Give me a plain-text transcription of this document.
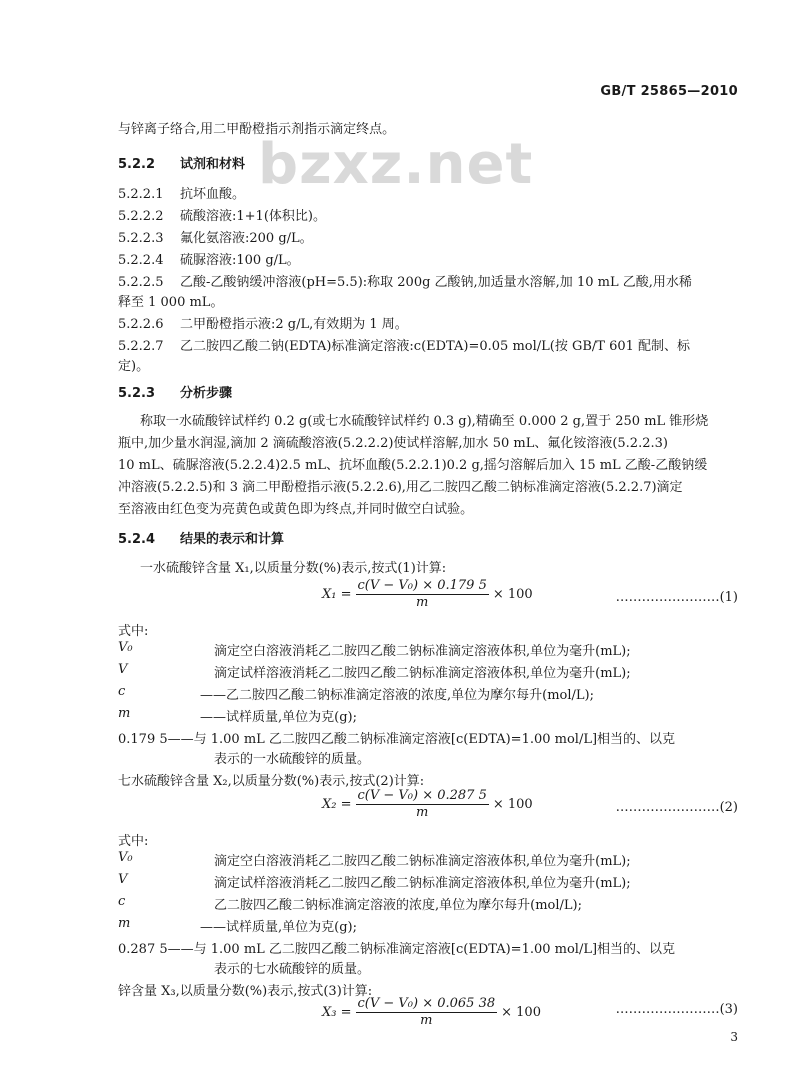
GB/T 25865—2010
bzxz.net
与锌离子络合,用二甲酚橙指示剂指示滴定终点。
5.2.2 试剂和材料
5.2.2.1 抗坏血酸。
5.2.2.2 硫酸溶液:1+1(体积比)。
5.2.2.3 氟化氨溶液:200 g/L。
5.2.2.4 硫脲溶液:100 g/L。
5.2.2.5 乙酸-乙酸钠缓冲溶液(pH=5.5):称取 200g 乙酸钠,加适量水溶解,加 10 mL 乙酸,用水稀
释至 1 000 mL。
5.2.2.6 二甲酚橙指示液:2 g/L,有效期为 1 周。
5.2.2.7 乙二胺四乙酸二钠(EDTA)标准滴定溶液:c(EDTA)=0.05 mol/L(按 GB/T 601 配制、标
定)。
5.2.3 分析步骤
称取一水硫酸锌试样约 0.2 g(或七水硫酸锌试样约 0.3 g),精确至 0.000 2 g,置于 250 mL 锥形烧
瓶中,加少量水润湿,滴加 2 滴硫酸溶液(5.2.2.2)使试样溶解,加水 50 mL、氟化铵溶液(5.2.2.3)
10 mL、硫脲溶液(5.2.2.4)2.5 mL、抗坏血酸(5.2.2.1)0.2 g,摇匀溶解后加入 15 mL 乙酸-乙酸钠缓
冲溶液(5.2.2.5)和 3 滴二甲酚橙指示液(5.2.2.6),用乙二胺四乙酸二钠标准滴定溶液(5.2.2.7)滴定
至溶液由红色变为亮黄色或黄色即为终点,并同时做空白试验。
5.2.4 结果的表示和计算
一水硫酸锌含量 X₁,以质量分数(%)表示,按式(1)计算:
$X_1 = \frac{\text{c(V − V₀) × 0.179 5}}{m} \times 100$	……………………(1)
式中:
V₀	滴定空白溶液消耗乙二胺四乙酸二钠标准滴定溶液体积,单位为毫升(mL);
V	滴定试样溶液消耗乙二胺四乙酸二钠标准滴定溶液体积,单位为毫升(mL);
c	——乙二胺四乙酸二钠标准滴定溶液的浓度,单位为摩尔每升(mol/L);
m	——试样质量,单位为克(g);
0.179 5——与 1.00 mL 乙二胺四乙酸二钠标准滴定溶液[c(EDTA)=1.00 mol/L]相当的、以克
表示的一水硫酸锌的质量。
七水硫酸锌含量 X₂,以质量分数(%)表示,按式(2)计算:
$X_2 = \frac{\text{c(V − V₀) × 0.287 5}}{m} \times 100$	……………………(2)
式中:
V₀	滴定空白溶液消耗乙二胺四乙酸二钠标准滴定溶液体积,单位为毫升(mL);
V	滴定试样溶液消耗乙二胺四乙酸二钠标准滴定溶液体积,单位为毫升(mL);
c	乙二胺四乙酸二钠标准滴定溶液的浓度,单位为摩尔每升(mol/L);
m	——试样质量,单位为克(g);
0.287 5——与 1.00 mL 乙二胺四乙酸二钠标准滴定溶液[c(EDTA)=1.00 mol/L]相当的、以克
表示的七水硫酸锌的质量。
锌含量 X₃,以质量分数(%)表示,按式(3)计算:
$X_3 = \frac{\text{c(V − V₀) × 0.065 38}}{m} \times 100$	……………………(3)
3
